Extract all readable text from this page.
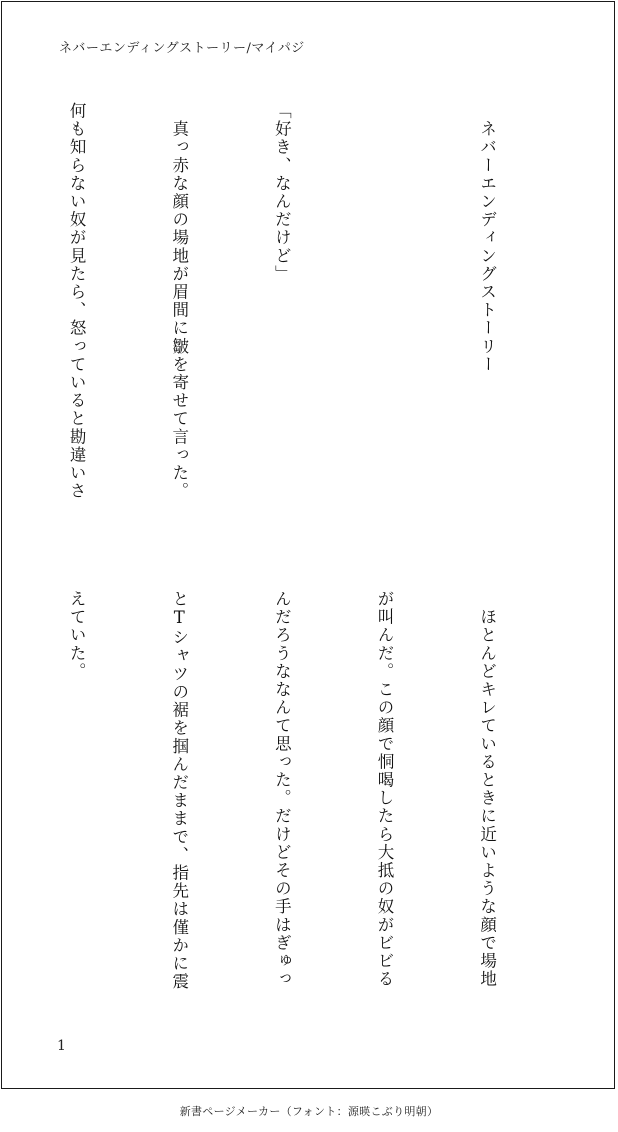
ネバーエンディングストーリー/マイパジ

　ネバーエンディングストーリー

「好き、なんだけど」

　真っ赤な顔の場地が眉間に皺を寄せて言った。

何も知らない奴が見たら、怒っていると勘違いさ

　ほとんどキレているときに近いような顔で場地

が叫んだ。この顔で恫喝したら大抵の奴がビビる

んだろうななんて思った。だけどその手はぎゅっ

とTシャツの裾を掴んだままで、指先は僅かに震

えていた。

1
新書ページメーカー（フォント：源暎こぶり明朝）
